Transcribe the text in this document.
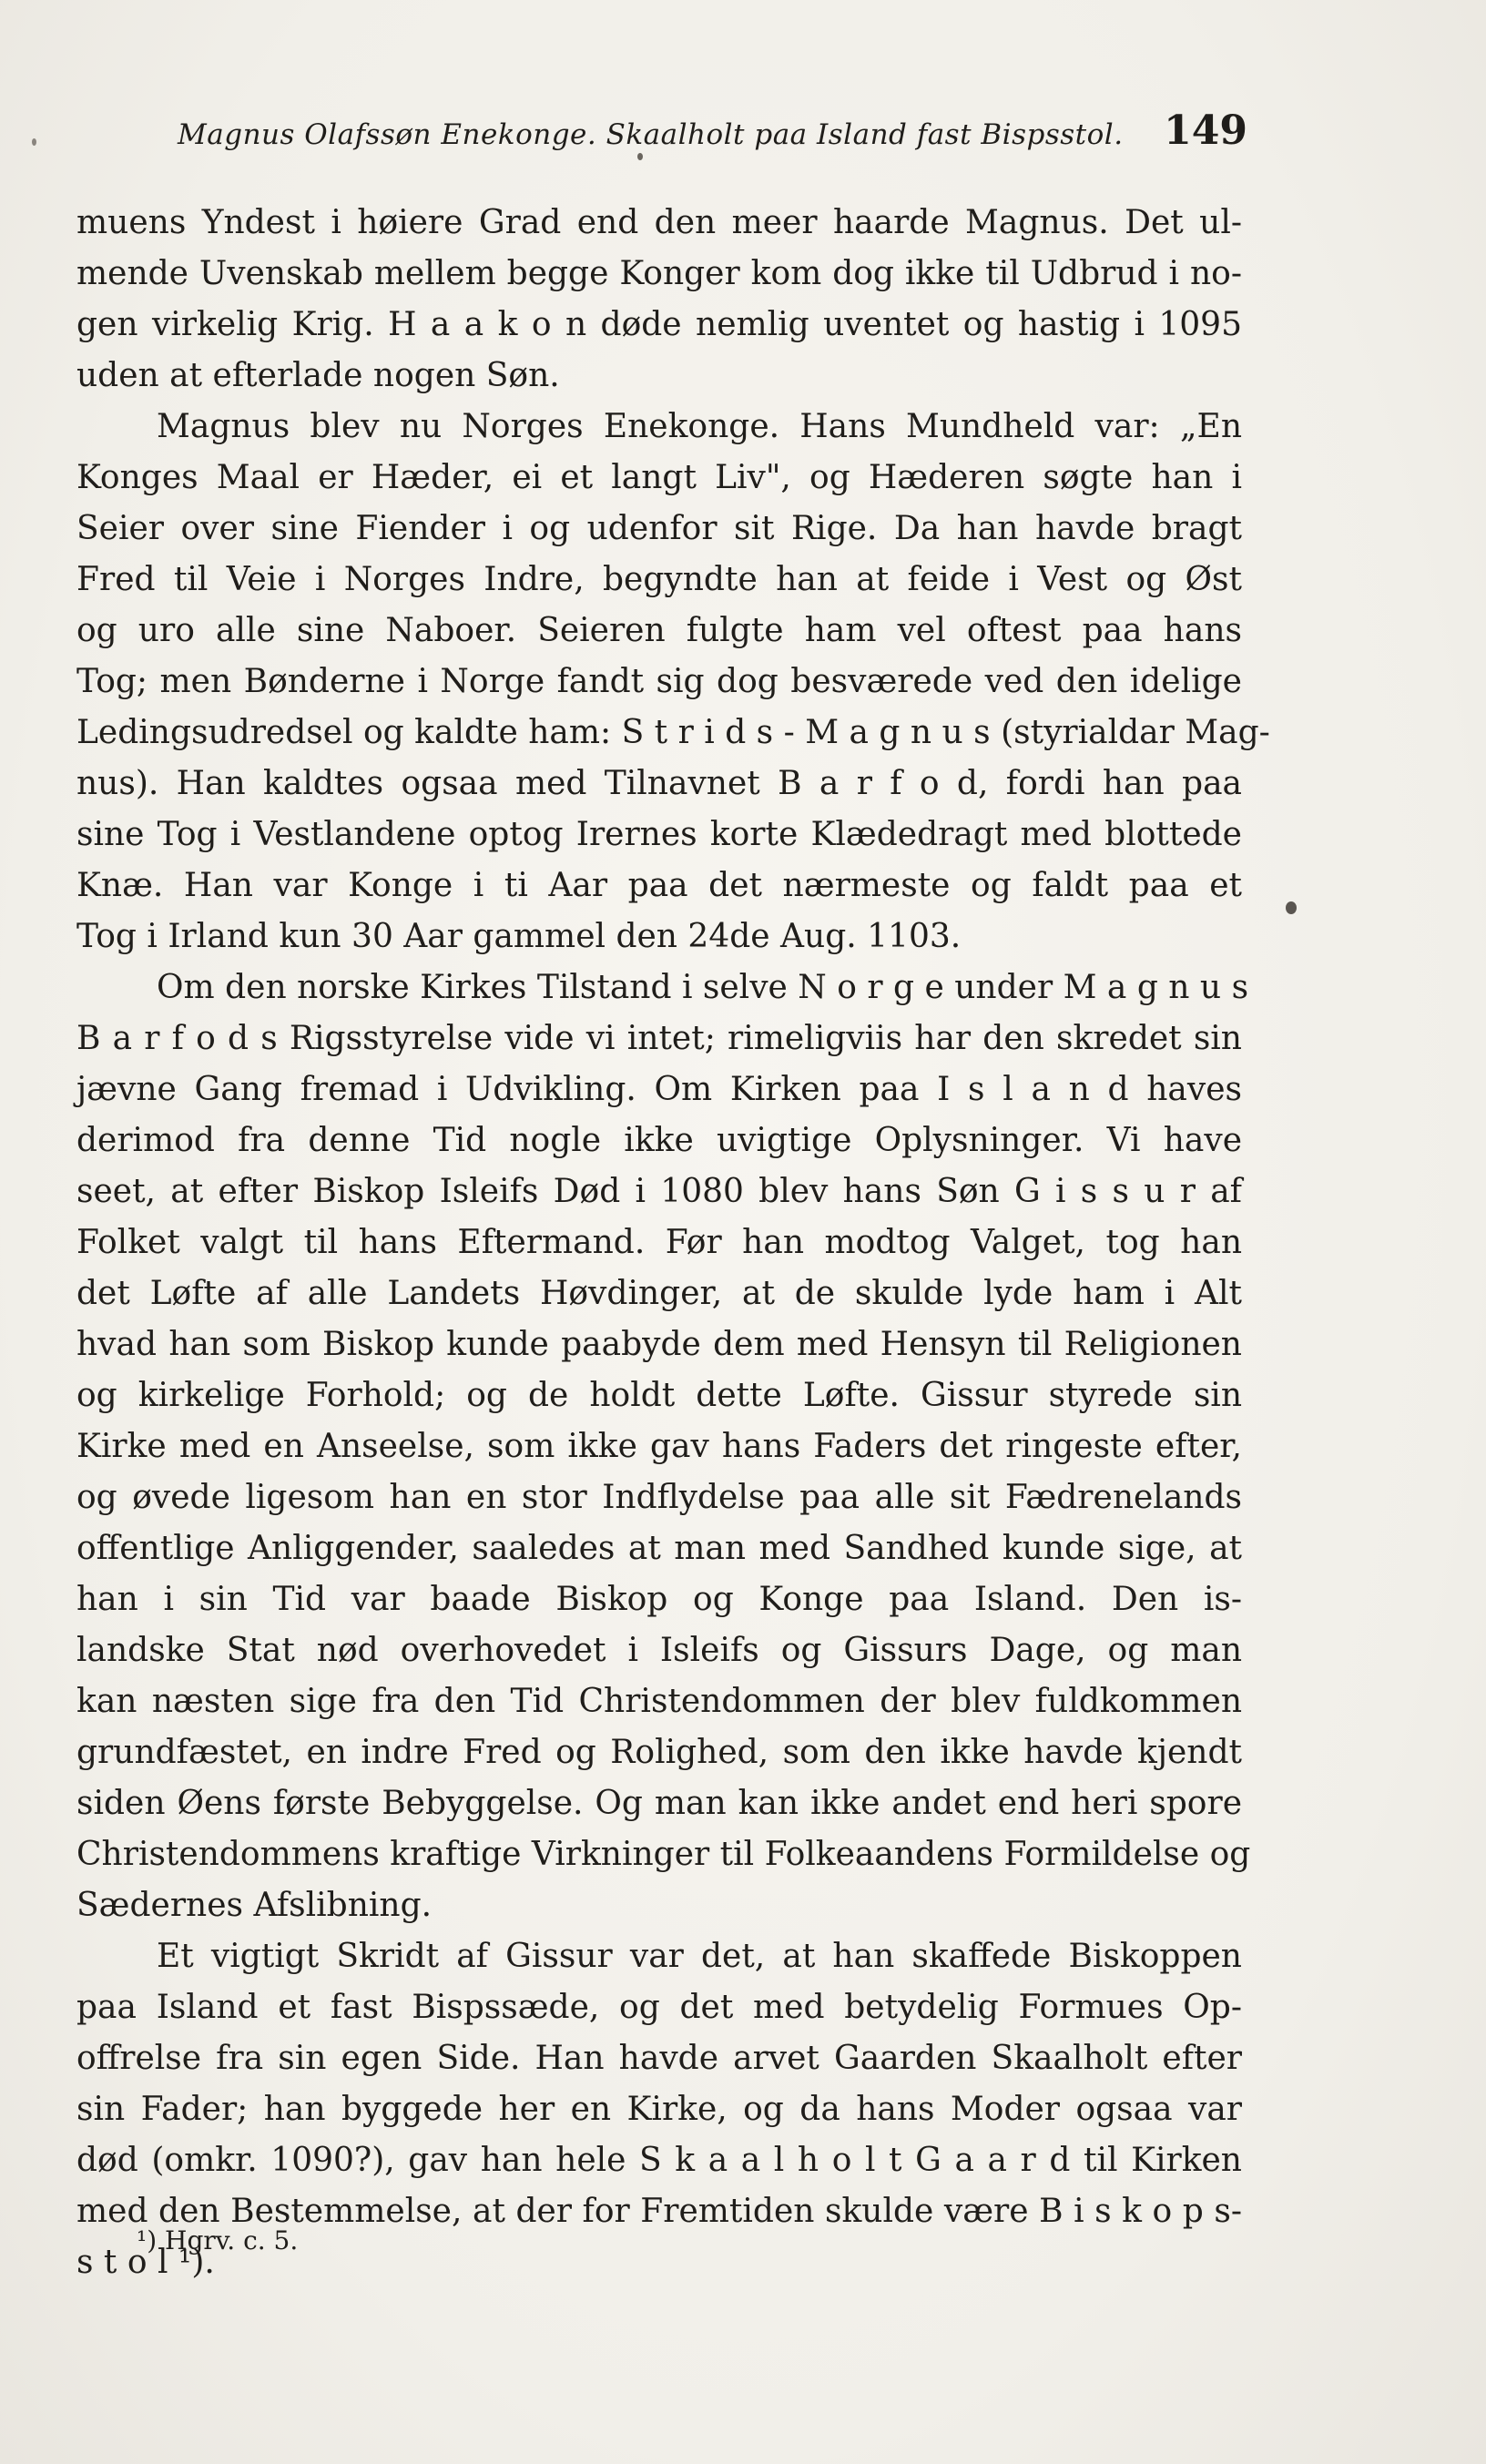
Magnus Olafssøn Enekonge. Skaalholt paa Island fast Bispsstol. 149
muens Yndest i høiere Grad end den meer haarde Magnus. Det ul-
mende Uvenskab mellem begge Konger kom dog ikke til Udbrud i no-
gen virkelig Krig. H a a k o n døde nemlig uventet og hastig i 1095
uden at efterlade nogen Søn.
Magnus blev nu Norges Enekonge. Hans Mundheld var: „En
Konges Maal er Hæder, ei et langt Liv", og Hæderen søgte han i
Seier over sine Fiender i og udenfor sit Rige. Da han havde bragt
Fred til Veie i Norges Indre, begyndte han at feide i Vest og Øst
og uro alle sine Naboer. Seieren fulgte ham vel oftest paa hans
Tog; men Bønderne i Norge fandt sig dog besværede ved den idelige
Ledingsudredsel og kaldte ham: S t r i d s - M a g n u s (styrialdar Mag-
nus). Han kaldtes ogsaa med Tilnavnet B a r f o d, fordi han paa
sine Tog i Vestlandene optog Irernes korte Klædedragt med blottede
Knæ. Han var Konge i ti Aar paa det nærmeste og faldt paa et
Tog i Irland kun 30 Aar gammel den 24de Aug. 1103.
Om den norske Kirkes Tilstand i selve N o r g e under M a g n u s
B a r f o d s Rigsstyrelse vide vi intet; rimeligviis har den skredet sin
jævne Gang fremad i Udvikling. Om Kirken paa I s l a n d haves
derimod fra denne Tid nogle ikke uvigtige Oplysninger. Vi have
seet, at efter Biskop Isleifs Død i 1080 blev hans Søn G i s s u r af
Folket valgt til hans Eftermand. Før han modtog Valget, tog han
det Løfte af alle Landets Høvdinger, at de skulde lyde ham i Alt
hvad han som Biskop kunde paabyde dem med Hensyn til Religionen
og kirkelige Forhold; og de holdt dette Løfte. Gissur styrede sin
Kirke med en Anseelse, som ikke gav hans Faders det ringeste efter,
og øvede ligesom han en stor Indflydelse paa alle sit Fædrenelands
offentlige Anliggender, saaledes at man med Sandhed kunde sige, at
han i sin Tid var baade Biskop og Konge paa Island. Den is-
landske Stat nød overhovedet i Isleifs og Gissurs Dage, og man
kan næsten sige fra den Tid Christendommen der blev fuldkommen
grundfæstet, en indre Fred og Rolighed, som den ikke havde kjendt
siden Øens første Bebyggelse. Og man kan ikke andet end heri spore
Christendommens kraftige Virkninger til Folkeaandens Formildelse og
Sædernes Afslibning.
Et vigtigt Skridt af Gissur var det, at han skaffede Biskoppen
paa Island et fast Bispssæde, og det med betydelig Formues Op-
offrelse fra sin egen Side. Han havde arvet Gaarden Skaalholt efter
sin Fader; han byggede her en Kirke, og da hans Moder ogsaa var
død (omkr. 1090?), gav han hele S k a a l h o l t G a a r d til Kirken
med den Bestemmelse, at der for Fremtiden skulde være B i s k o p s-
s t o l ¹).
¹) Hgrv. c. 5.
